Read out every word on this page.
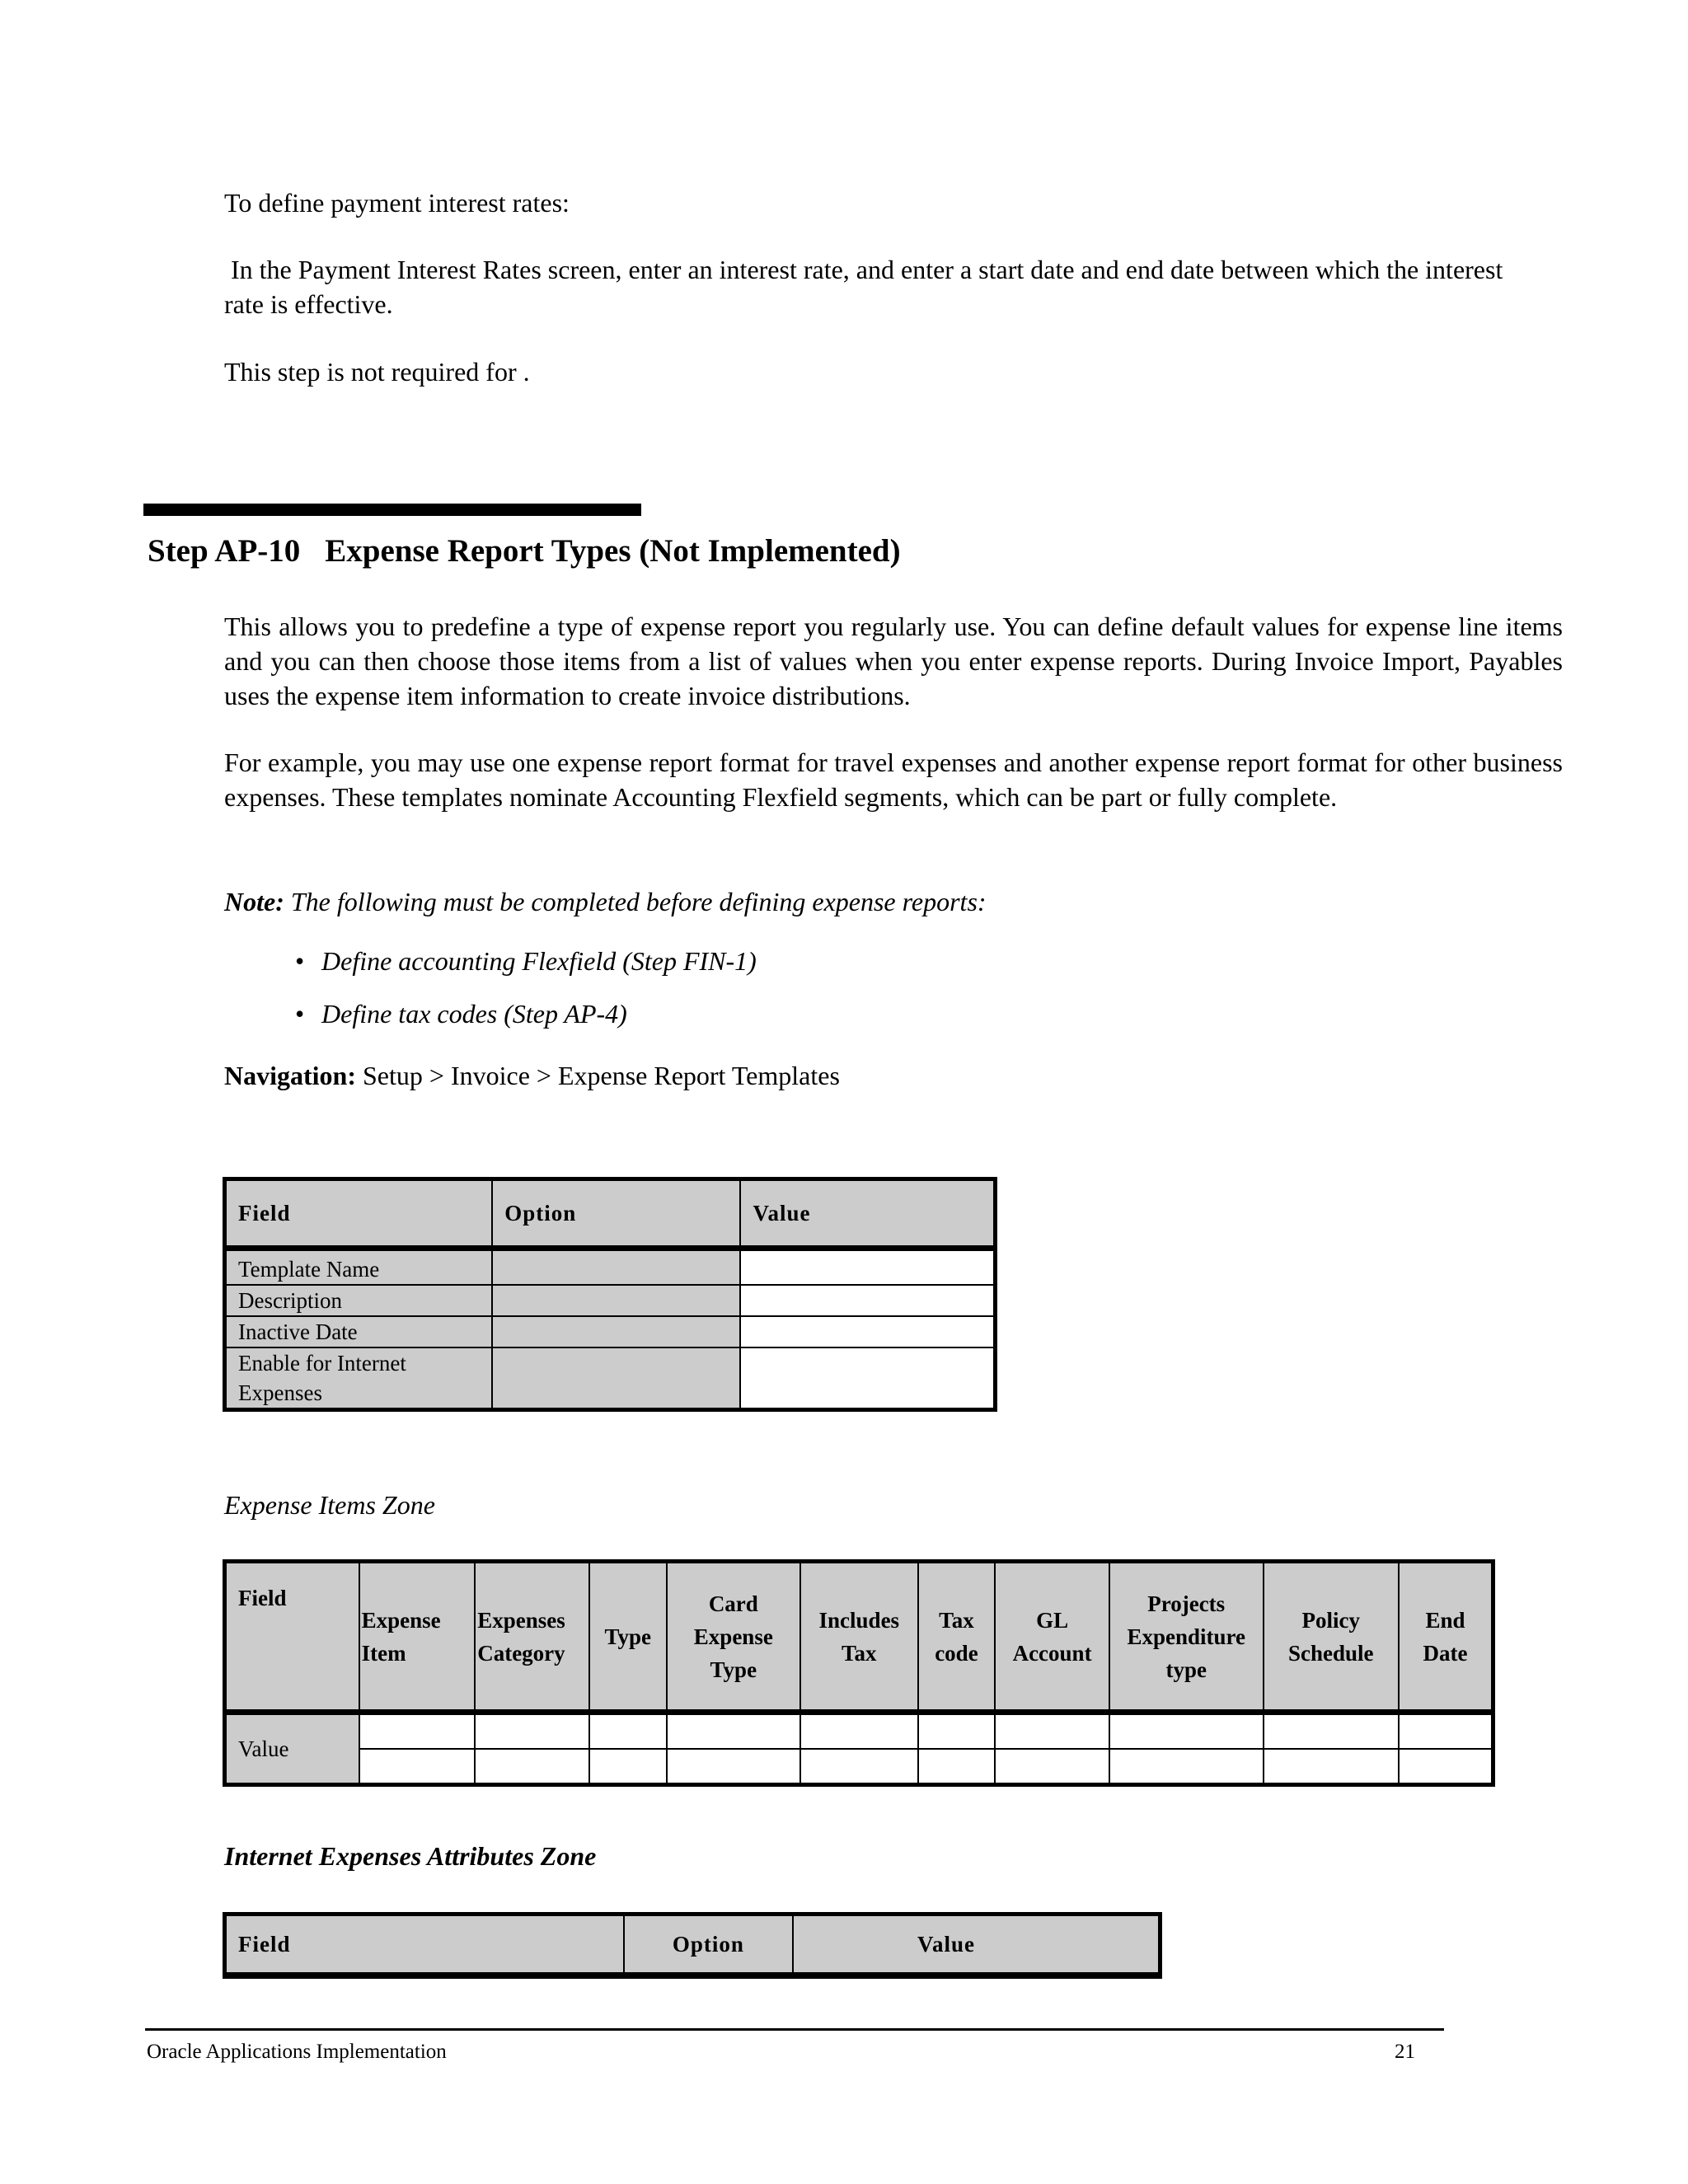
To define payment interest rates:
In the Payment Interest Rates screen, enter an interest rate, and enter a start date and end date between which the interest rate is effective.
This step is not required for .
Step AP-10 Expense Report Types (Not Implemented)
This allows you to predefine a type of expense report you regularly use. You can define default values for expense line items and you can then choose those items from a list of values when you enter expense reports. During Invoice Import, Payables uses the expense item information to create invoice distributions.
For example, you may use one expense report format for travel expenses and another expense report format for other business expenses. These templates nominate Accounting Flexfield segments, which can be part or fully complete.
Note: The following must be completed before defining expense reports:
• Define accounting Flexfield (Step FIN-1)
• Define tax codes (Step AP-4)
Navigation: Setup > Invoice > Expense Report Templates
Field	Option	Value
Template Name		
Description		
Inactive Date		
Enable for Internet Expenses		
Expense Items Zone
Field	Expense Item	Expenses Category	Type	Card Expense Type	Includes Tax	Tax code	GL Account	Projects Expenditure type	Policy Schedule	End Date
Value										

Internet Expenses Attributes Zone
Field	Option	Value
Oracle Applications Implementation	21
